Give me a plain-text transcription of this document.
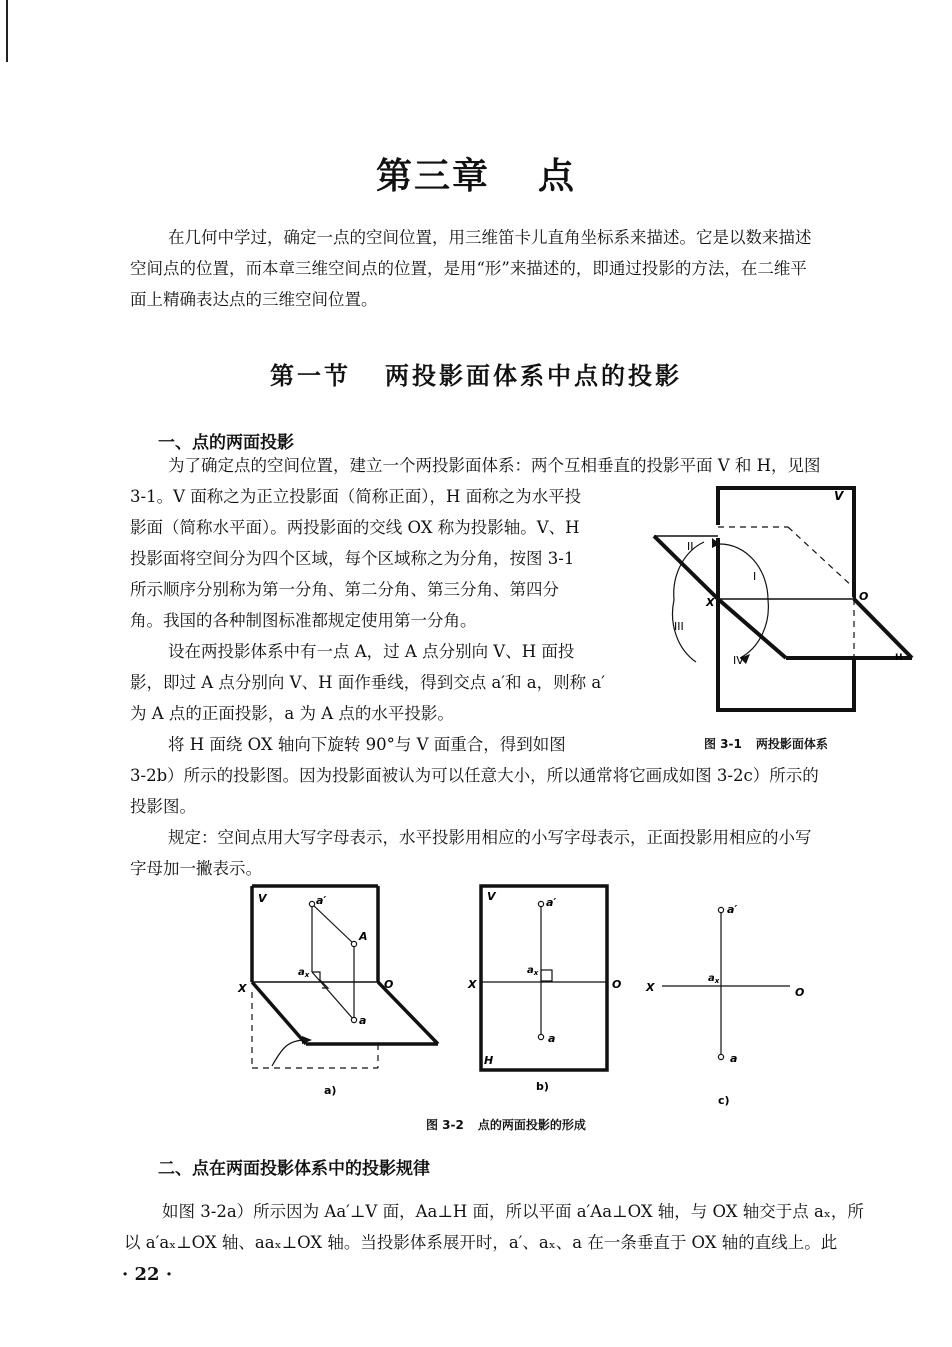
第三章 点

在几何中学过，确定一点的空间位置，用三维笛卡儿直角坐标系来描述。它是以数来描述

空间点的位置，而本章三维空间点的位置，是用“形”来描述的，即通过投影的方法，在二维平

面上精确表达点的三维空间位置。

第一节 两投影面体系中点的投影
一、点的两面投影

为了确定点的空间位置，建立一个两投影面体系：两个互相垂直的投影平面 V 和 H，见图

3-1。V 面称之为正立投影面（简称正面），H 面称之为水平投

影面（简称水平面）。两投影面的交线 OX 称为投影轴。V、H

投影面将空间分为四个区域，每个区域称之为分角，按图 3-1

所示顺序分别称为第一分角、第二分角、第三分角、第四分

角。我国的各种制图标准都规定使用第一分角。

设在两投影体系中有一点 A，过 A 点分别向 V、H 面投

影，即过 A 点分别向 V、H 面作垂线，得到交点 a′和 a，则称 a′

为 A 点的正面投影，a 为 A 点的水平投影。

将 H 面绕 OX 轴向下旋转 90°与 V 面重合，得到如图

3-2b）所示的投影图。因为投影面被认为可以任意大小，所以通常将它画成如图 3-2c）所示的

投影图。

规定：空间点用大写字母表示，水平投影用相应的小写字母表示，正面投影用相应的小写

字母加一撇表示。

V
H
X	O
I
II
III
IV
图 3-1 两投影面体系
V
X	O
a′
A
$a_x$
a
a)
V
H
X	O
a′
$a_x$
a
b)
X	O
a′
$a_x$
a
c)
图 3-2 点的两面投影的形成
二、点在两面投影体系中的投影规律

如图 3-2a）所示因为 Aa′⊥V 面，Aa⊥H 面，所以平面 a′Aa⊥OX 轴，与 OX 轴交于点 aₓ，所

以 a′aₓ⊥OX 轴、aaₓ⊥OX 轴。当投影体系展开时，a′、aₓ、a 在一条垂直于 OX 轴的直线上。此

· 22 ·
